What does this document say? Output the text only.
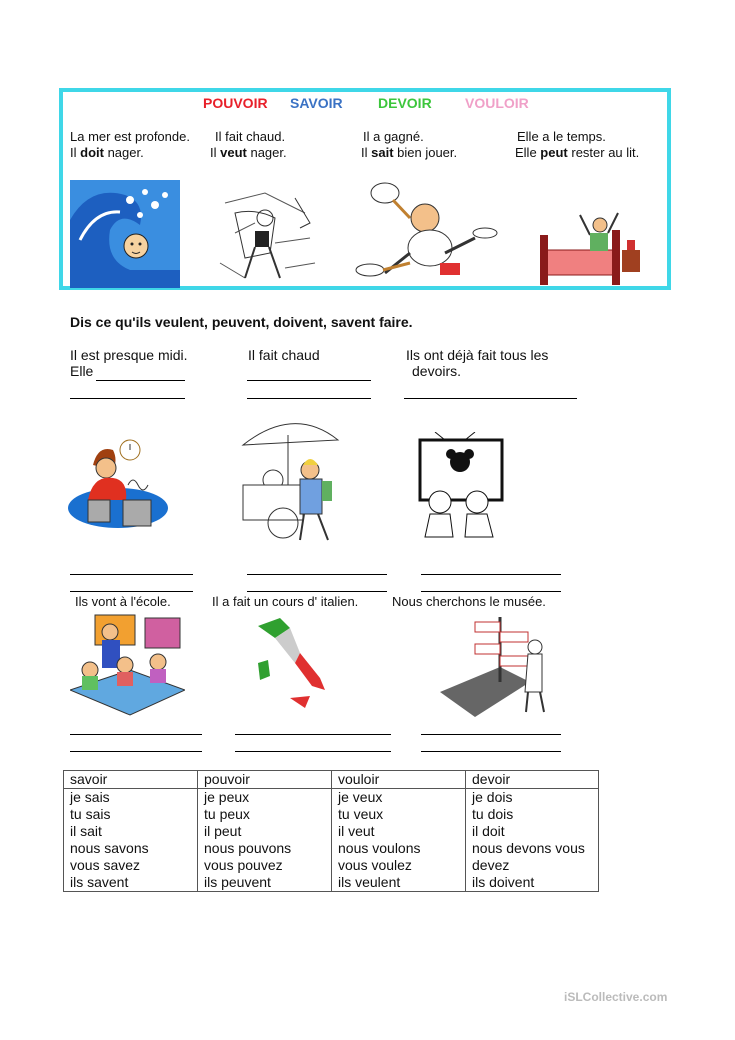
POUVOIR SAVOIR	DEVOIR VOULOIR
La mer est profonde.
Il doit nager.
Il fait chaud.
Il veut nager.
Il a gagné.
Il sait bien jouer.
Elle a le temps.
Elle peut rester au lit.
Dis ce qu'ils veulent, peuvent, doivent, savent faire.
Il est presque midi.
Elle
Il fait chaud	Ils ont déjà fait tous les
devoirs.
Ils vont à l'école.	Il a fait un cours d' italien.	Nous cherchons le musée.
savoir	pouvoir	vouloir	devoir
je sais	je peux	je veux	je dois
tu sais	tu peux	tu veux	tu dois
il sait	il peut	il veut	il doit
nous savons	nous pouvons	nous voulons	nous devons vous
vous savez	vous pouvez	vous voulez	devez
ils savent	ils peuvent	ils veulent	ils doivent
iSLCollective.com
